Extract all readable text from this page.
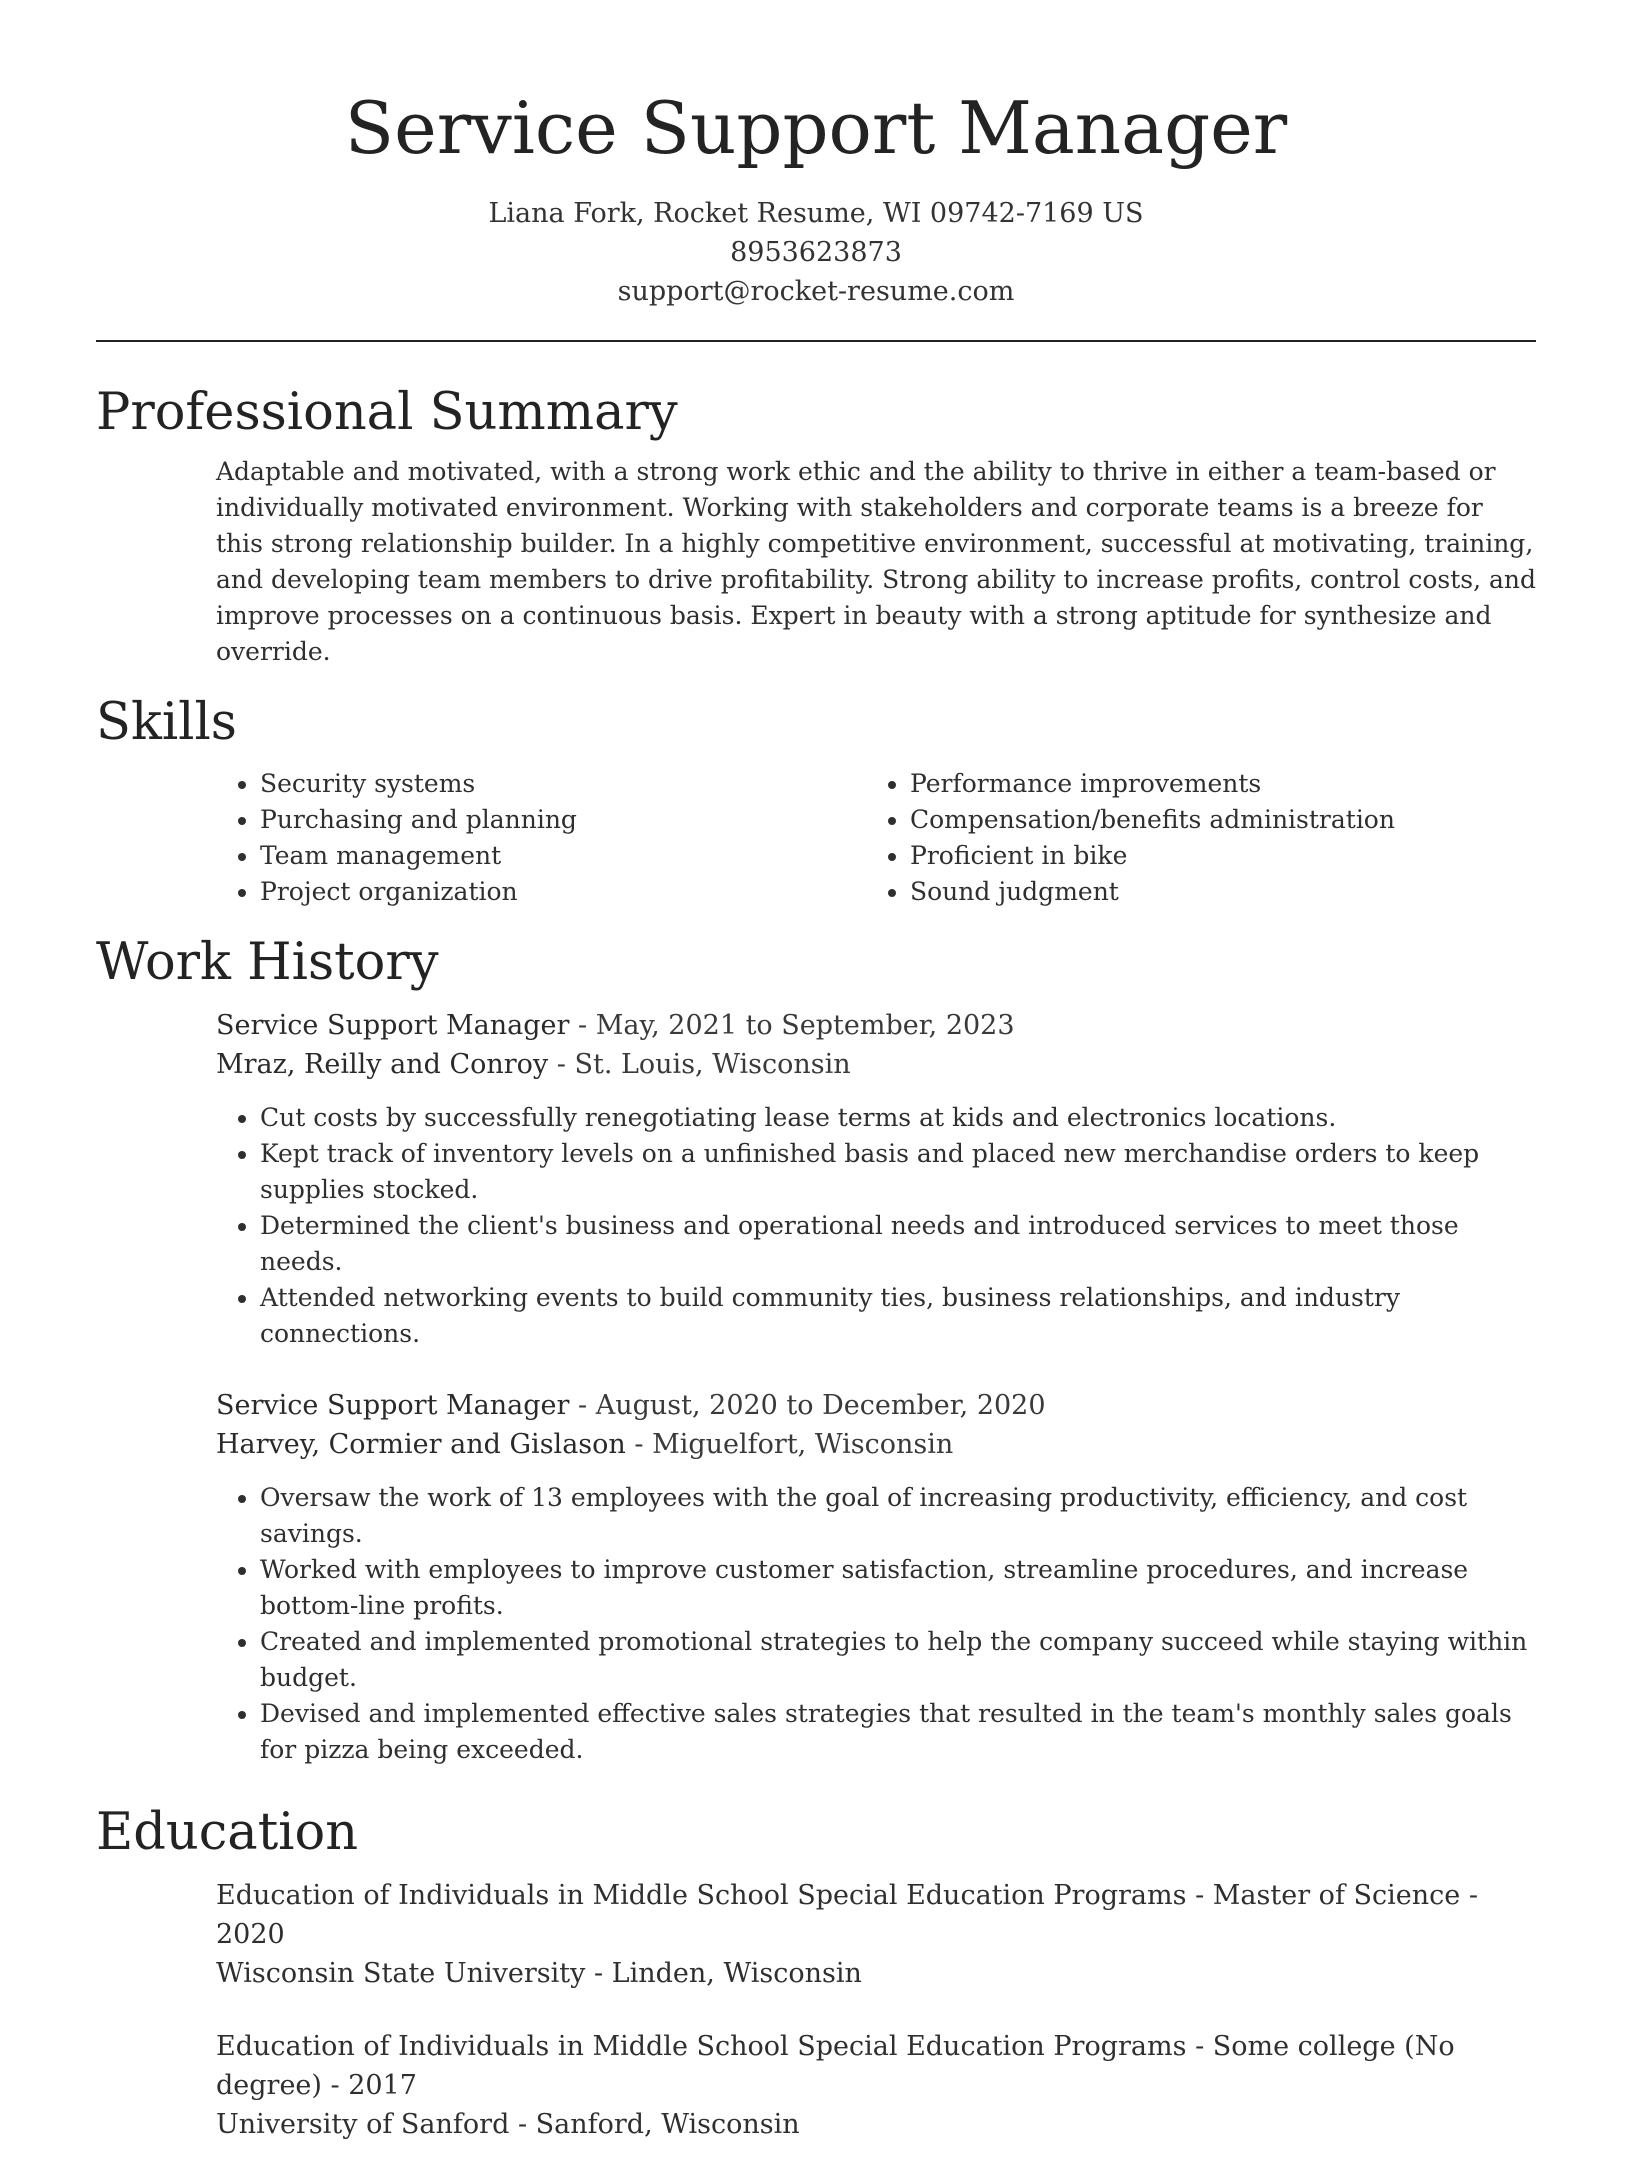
Service Support Manager
Liana Fork, Rocket Resume, WI 09742-7169 US
8953623873
support@rocket-resume.com
Professional Summary
Adaptable and motivated, with a strong work ethic and the ability to thrive in either a team-based or individually motivated environment. Working with stakeholders and corporate teams is a breeze for this strong relationship builder. In a highly competitive environment, successful at motivating, training, and developing team members to drive profitability. Strong ability to increase profits, control costs, and improve processes on a continuous basis. Expert in beauty with a strong aptitude for synthesize and override.
Skills
• Security systems
• Purchasing and planning
• Team management
• Project organization
• Performance improvements
• Compensation/benefits administration
• Proficient in bike
• Sound judgment
Work History
Service Support Manager - May, 2021 to September, 2023
Mraz, Reilly and Conroy - St. Louis, Wisconsin
• Cut costs by successfully renegotiating lease terms at kids and electronics locations.
• Kept track of inventory levels on a unfinished basis and placed new merchandise orders to keep supplies stocked.
• Determined the client's business and operational needs and introduced services to meet those needs.
• Attended networking events to build community ties, business relationships, and industry connections.
Service Support Manager - August, 2020 to December, 2020
Harvey, Cormier and Gislason - Miguelfort, Wisconsin
• Oversaw the work of 13 employees with the goal of increasing productivity, efficiency, and cost savings.
• Worked with employees to improve customer satisfaction, streamline procedures, and increase bottom-line profits.
• Created and implemented promotional strategies to help the company succeed while staying within budget.
• Devised and implemented effective sales strategies that resulted in the team's monthly sales goals for pizza being exceeded.
Education
Education of Individuals in Middle School Special Education Programs - Master of Science - 2020
Wisconsin State University - Linden, Wisconsin
Education of Individuals in Middle School Special Education Programs - Some college (No degree) - 2017
University of Sanford - Sanford, Wisconsin
